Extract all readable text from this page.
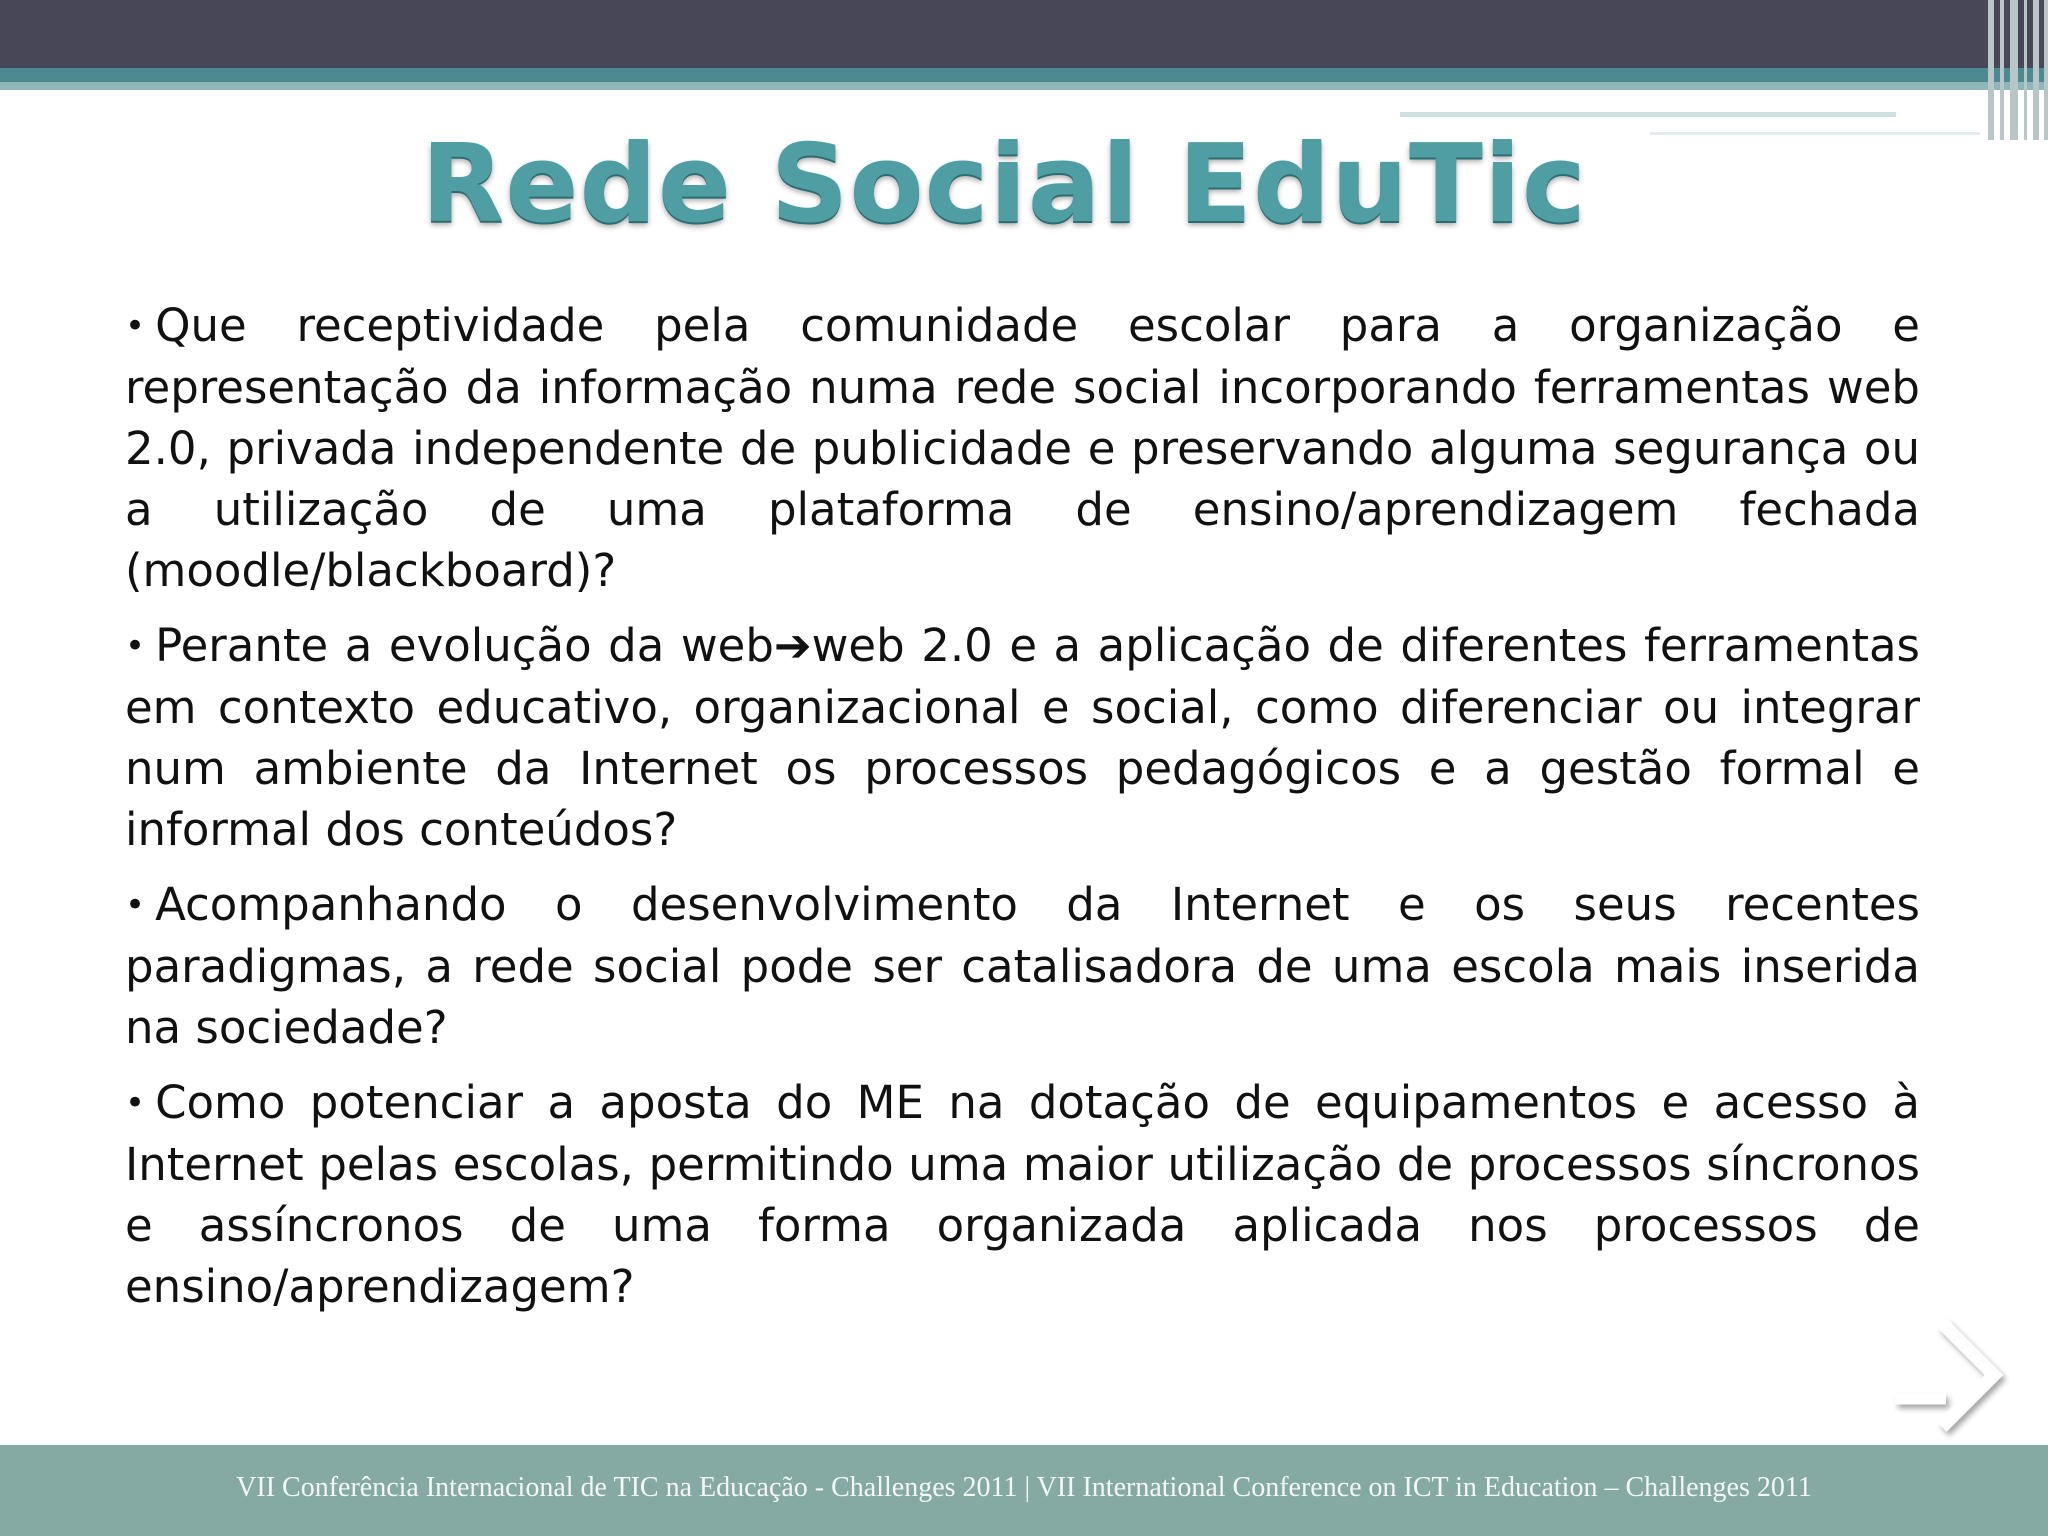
Rede Social EduTic

• Que receptividade pela comunidade escolar para a organização e representação da informação numa rede social incorporando ferramentas web 2.0, privada independente de publicidade e preservando alguma segurança ou a utilização de uma plataforma de ensino/aprendizagem fechada (moodle/blackboard)?

• Perante a evolução da web➔web 2.0 e a aplicação de diferentes ferramentas em contexto educativo, organizacional e social, como diferenciar ou integrar num ambiente da Internet os processos pedagógicos e a gestão formal e informal dos conteúdos?

• Acompanhando o desenvolvimento da Internet e os seus recentes paradigmas, a rede social pode ser catalisadora de uma escola mais inserida na sociedade?

• Como potenciar a aposta do ME na dotação de equipamentos e acesso à Internet pelas escolas, permitindo uma maior utilização de processos síncronos e assíncronos de uma forma organizada aplicada nos processos de ensino/aprendizagem?

VII Conferência Internacional de TIC na Educação - Challenges 2011 | VII International Conference on ICT in Education – Challenges 2011
